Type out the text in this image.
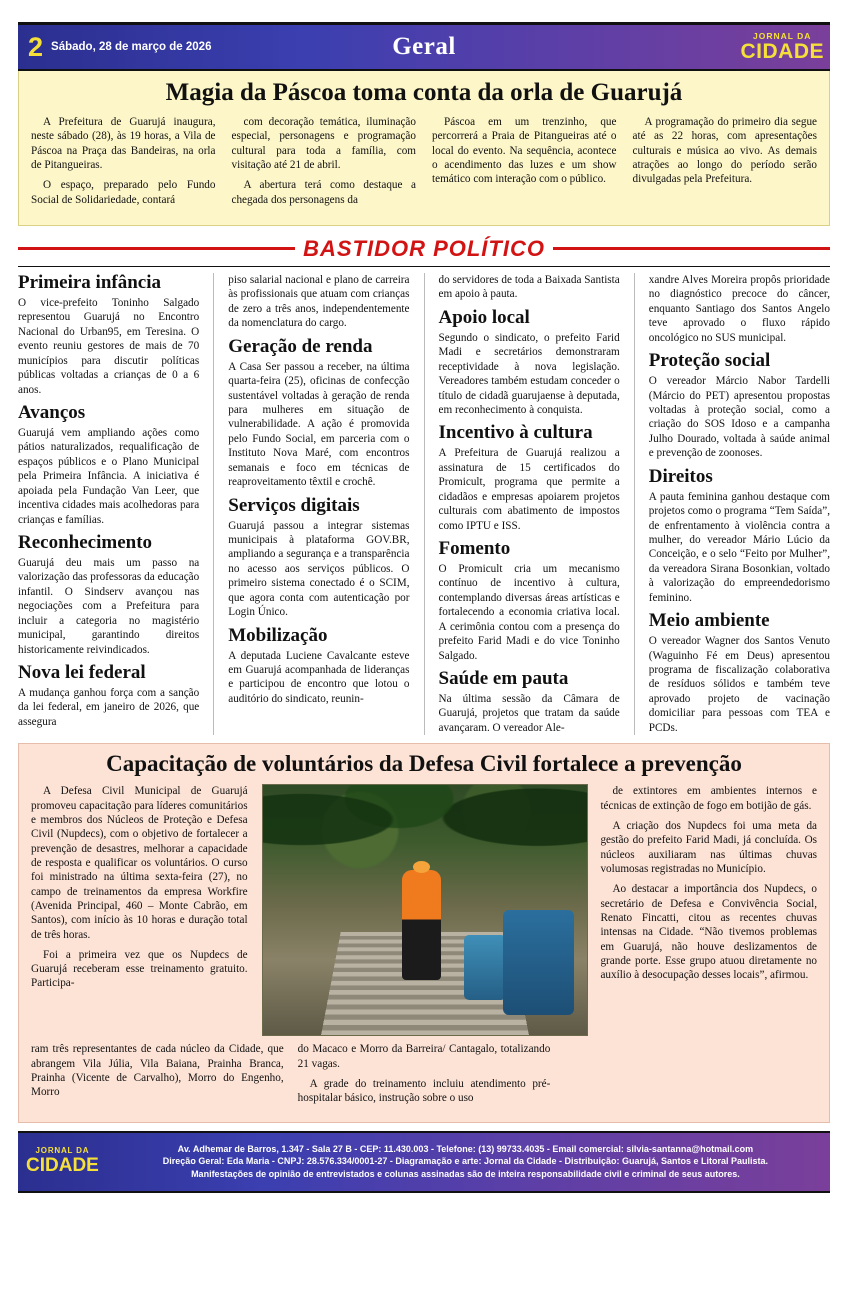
2 Sábado, 28 de março de 2026	Geral	JORNAL DA
CIDADE
Magia da Páscoa toma conta da orla de Guarujá

A Prefeitura de Guarujá inaugura, neste sábado (28), às 19 horas, a Vila de Páscoa na Praça das Bandeiras, na orla de Pitangueiras.

O espaço, preparado pelo Fundo Social de Solidariedade, contará

com decoração temática, iluminação especial, personagens e programação cultural para toda a família, com visitação até 21 de abril.

A abertura terá como destaque a chegada dos personagens da

Páscoa em um trenzinho, que percorrerá a Praia de Pitangueiras até o local do evento. Na sequência, acontece o acendimento das luzes e um show temático com interação com o público.

A programação do primeiro dia segue até as 22 horas, com apresentações culturais e música ao vivo. As demais atrações ao longo do período serão divulgadas pela Prefeitura.

BASTIDOR POLÍTICO
Primeira infância

O vice-prefeito Toninho Salgado representou Guarujá no Encontro Nacional do Urban95, em Teresina. O evento reuniu gestores de mais de 70 municípios para discutir políticas públicas voltadas a crianças de 0 a 6 anos.

Avanços

Guarujá vem ampliando ações como pátios naturalizados, requalificação de espaços públicos e o Plano Municipal pela Primeira Infância. A iniciativa é apoiada pela Fundação Van Leer, que incentiva cidades mais acolhedoras para crianças e famílias.

Reconhecimento

Guarujá deu mais um passo na valorização das professoras da educação infantil. O Sindserv avançou nas negociações com a Prefeitura para incluir a categoria no magistério municipal, garantindo direitos historicamente reivindicados.

Nova lei federal

A mudança ganhou força com a sanção da lei federal, em janeiro de 2026, que assegura

piso salarial nacional e plano de carreira às profissionais que atuam com crianças de zero a três anos, independentemente da nomenclatura do cargo.

Geração de renda

A Casa Ser passou a receber, na última quarta-feira (25), oficinas de confecção sustentável voltadas à geração de renda para mulheres em situação de vulnerabilidade. A ação é promovida pelo Fundo Social, em parceria com o Instituto Nova Maré, com encontros semanais e foco em técnicas de reaproveitamento têxtil e crochê.

Serviços digitais

Guarujá passou a integrar sistemas municipais à plataforma GOV.BR, ampliando a segurança e a transparência no acesso aos serviços públicos. O primeiro sistema conectado é o SCIM, que agora conta com autenticação por Login Único.

Mobilização

A deputada Luciene Cavalcante esteve em Guarujá acompanhada de lideranças e participou de encontro que lotou o auditório do sindicato, reunin-

do servidores de toda a Baixada Santista em apoio à pauta.

Apoio local

Segundo o sindicato, o prefeito Farid Madi e secretários demonstraram receptividade à nova legislação. Vereadores também estudam conceder o título de cidadã guarujaense à deputada, em reconhecimento à conquista.

Incentivo à cultura

A Prefeitura de Guarujá realizou a assinatura de 15 certificados do Promicult, programa que permite a cidadãos e empresas apoiarem projetos culturais com abatimento de impostos como IPTU e ISS.

Fomento

O Promicult cria um mecanismo contínuo de incentivo à cultura, contemplando diversas áreas artísticas e fortalecendo a economia criativa local. A cerimônia contou com a presença do prefeito Farid Madi e do vice Toninho Salgado.

Saúde em pauta

Na última sessão da Câmara de Guarujá, projetos que tratam da saúde avançaram. O vereador Ale-

xandre Alves Moreira propôs prioridade no diagnóstico precoce do câncer, enquanto Santiago dos Santos Angelo teve aprovado o fluxo rápido oncológico no SUS municipal.

Proteção social

O vereador Márcio Nabor Tardelli (Márcio do PET) apresentou propostas voltadas à proteção social, como a criação do SOS Idoso e a campanha Julho Dourado, voltada à saúde animal e prevenção de zoonoses.

Direitos

A pauta feminina ganhou destaque com projetos como o programa “Tem Saída”, de enfrentamento à violência contra a mulher, do vereador Mário Lúcio da Conceição, e o selo “Feito por Mulher”, da vereadora Sirana Bosonkian, voltado à valorização do empreendedorismo feminino.

Meio ambiente

O vereador Wagner dos Santos Venuto (Waguinho Fé em Deus) apresentou programa de fiscalização colaborativa de resíduos sólidos e também teve aprovado projeto de vacinação domiciliar para pessoas com TEA e PCDs.

Capacitação de voluntários da Defesa Civil fortalece a prevenção

A Defesa Civil Municipal de Guarujá promoveu capacitação para líderes comunitários e membros dos Núcleos de Proteção e Defesa Civil (Nupdecs), com o objetivo de fortalecer a prevenção de desastres, melhorar a capacidade de resposta e qualificar os voluntários. O curso foi ministrado na última sexta-feira (27), no campo de treinamentos da empresa Workfire (Avenida Principal, 460 – Monte Cabrão, em Santos), com início às 10 horas e duração total de três horas.

Foi a primeira vez que os Nupdecs de Guarujá receberam esse treinamento gratuito. Participa-

de extintores em ambientes internos e técnicas de extinção de fogo em botijão de gás.

A criação dos Nupdecs foi uma meta da gestão do prefeito Farid Madi, já concluída. Os núcleos auxiliaram nas últimas chuvas volumosas registradas no Município.

Ao destacar a importância dos Nupdecs, o secretário de Defesa e Convivência Social, Renato Fincatti, citou as recentes chuvas intensas na Cidade. “Não tivemos problemas em Guarujá, não houve deslizamentos de grande porte. Esse grupo atuou diretamente no auxílio à desocupação desses locais”, afirmou.

ram três representantes de cada núcleo da Cidade, que abrangem Vila Júlia, Vila Baiana, Prainha Branca, Prainha (Vicente de Carvalho), Morro do Engenho, Morro

do Macaco e Morro da Barreira/ Cantagalo, totalizando 21 vagas.

A grade do treinamento incluiu atendimento pré-hospitalar básico, instrução sobre o uso

JORNAL DA
CIDADE
Av. Adhemar de Barros, 1.347 - Sala 27 B - CEP: 11.430.003 - Telefone: (13) 99733.4035 - Email comercial: silvia-santanna@hotmail.com
Direção Geral: Eda Maria - CNPJ: 28.576.334/0001-27 - Diagramação e arte: Jornal da Cidade - Distribuição: Guarujá, Santos e Litoral Paulista.
Manifestações de opinião de entrevistados e colunas assinadas são de inteira responsabilidade civil e criminal de seus autores.
